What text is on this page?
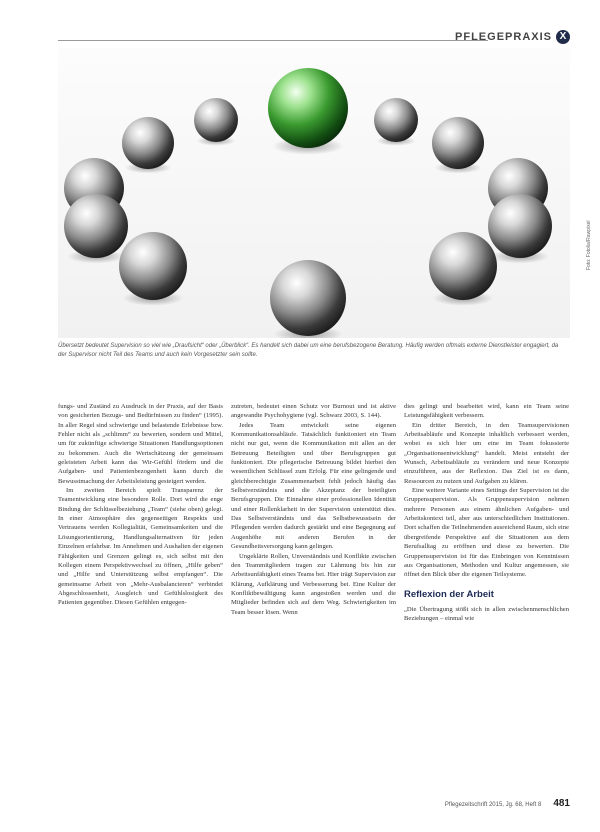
PFLEGEPRAXIS X
Foto: Fotolia/Rawpixel
Übersetzt bedeutet Supervision so viel wie „Draufsicht“ oder „Überblick“. Es handelt sich dabei um eine berufsbezogene Beratung. Häufig werden oftmals externe Dienstleister engagiert, da der Supervisor nicht Teil des Teams und auch kein Vorgesetzter sein sollte.

fungs- und Zuständ zu Ausdruck in der Praxis, auf der Basis von gesicherten Bezugs- und Bedürfnissen zu finden“ (1995). In aller Regel sind schwierige und belastende Erlebnisse bzw. Fehler nicht als „schlimm“ zu bewerten, sondern und Mittel, um für zukünftige schwierige Situationen Handlungsoptionen zu bekommen. Auch die Wertschätzung der gemeinsam geleisteten Arbeit kann das Wir-Gefühl fördern und die Aufgaben- und Patientenbezogenheit kann durch die Bewusstmachung der Arbeitsleistung gesteigert werden.

Im zweiten Bereich spielt Transparenz der Teamentwicklung eine besondere Rolle. Dort wird die enge Bindung der Schlüsselbeziehung „Team“ (siehe oben) gelegt. In einer Atmosphäre des gegenseitigen Respekts und Vertrauens werden Kollegialität, Gemeinsamkeiten und die Lösungsorientierung, Handlungsalternativen für jeden Einzelnen erfahrbar. Im Annehmen und Aushalten der eigenen Fähigkeiten und Grenzen gelingt es, sich selbst mit den Kollegen einem Perspektivwechsel zu öffnen, „Hilfe geben“ und „Hilfe und Unterstützung selbst empfangen“. Die gemeinsame Arbeit von „Mehr-Ausbalancieren“ verbindet Abgeschlossenheit, Ausgleich und Gefühlslosigkeit des Patienten gegenüber. Diesen Gefühlen entgegen-

zutreten, bedeutet einen Schutz vor Burnout und ist aktive angewandte Psychohygiene (vgl. Schwarz 2003, S. 144).

Jedes Team entwickelt seine eigenen Kommunikationsabläufe. Tatsächlich funktioniert ein Team nicht nur gut, wenn die Kommunikation mit allen an der Betreuung Beteiligten und über Berufsgruppen gut funktioniert. Die pflegerische Betreuung bildet hierbei den wesentlichen Schlüssel zum Erfolg. Für eine gelingende und gleichberechtigte Zusammenarbeit fehlt jedoch häufig das Selbstverständnis und die Akzeptanz der beteiligten Berufsgruppen. Die Einnahme einer professionellen Identität und einer Rollenklarheit in der Supervision unterstützt dies. Das Selbstverständnis und das Selbstbewusstsein der Pflegenden werden dadurch gestärkt und eine Begegnung auf Augenhöhe mit anderen Berufen in der Gesundheitsversorgung kann gelingen.

Ungeklärte Rollen, Unverständnis und Konflikte zwischen den Teammitgliedern tragen zur Lähmung bis hin zur Arbeitsunfähigkeit eines Teams bei. Hier trägt Supervision zur Klärung, Aufklärung und Verbesserung bei. Eine Kultur der Konfliktbewältigung kann angestoßen werden und die Mitglieder befinden sich auf dem Weg. Schwierigkeiten im Team besser lösen. Wenn

dies gelingt und bearbeitet wird, kann ein Team seine Leistungsfähigkeit verbessern.

Ein dritter Bereich, in den Teamsupervisionen Arbeitsabläufe und Konzepte inhaltlich verbessert werden, wobei es sich hier um eine im Team fokussierte „Organisationsentwicklung“ handelt. Meist entsteht der Wunsch, Arbeitsabläufe zu verändern und neue Konzepte einzuführen, aus der Reflexion. Das Ziel ist es dann, Ressourcen zu nutzen und Aufgaben zu klären.

Eine weitere Variante eines Settings der Supervision ist die Gruppensupervision. Als Gruppensupervision nehmen mehrere Personen aus einem ähnlichen Aufgaben- und Arbeitskontext teil, aber aus unterschiedlichen Institutionen. Dort schaffen die Teilnehmenden ausreichend Raum, sich eine übergreifende Perspektive auf die Situationen aus dem Berufsalltag zu eröffnen und diese zu bewerten. Die Gruppensupervision ist für das Einbringen von Kenntnissen aus Organisationen, Methoden und Kultur angemessen, sie öffnet den Blick über die eigenen Teilsysteme.

Reflexion der Arbeit

„Die Übertragung stößt sich in allen zwischenmenschlichen Beziehungen – einmal wie

Pflegezeitschrift 2015, Jg. 68, Heft 8 481
